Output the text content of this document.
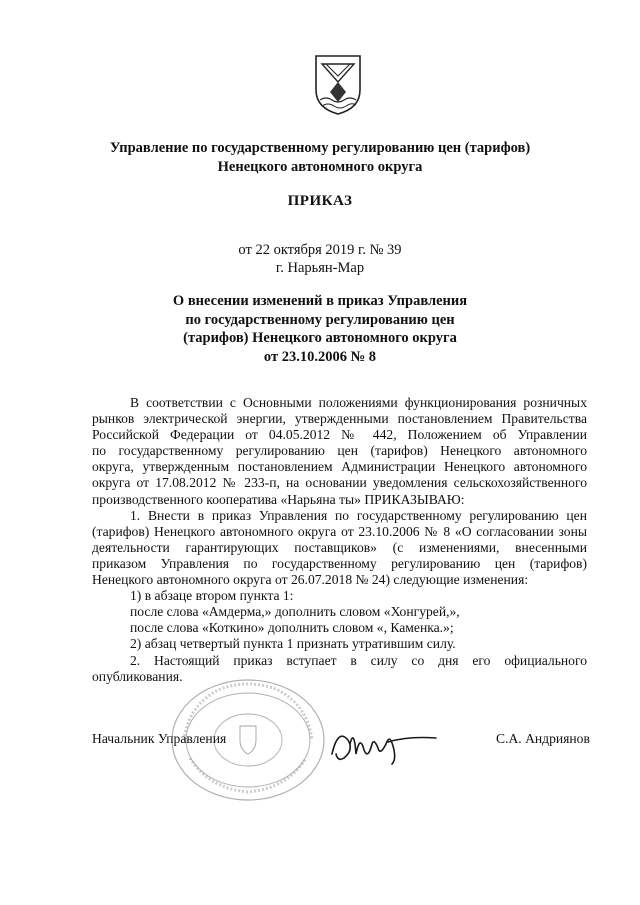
Управление по государственному регулированию цен (тарифов)
Ненецкого автономного округа
ПРИКАЗ
от 22 октября 2019 г. № 39
г. Нарьян-Мар
О внесении изменений в приказ Управления
по государственному регулированию цен
(тарифов) Ненецкого автономного округа
от 23.10.2006 № 8
В соответствии с Основными положениями функционирования розничных
рынков электрической энергии, утвержденными постановлением Правительства
Российской Федерации от 04.05.2012 № 442, Положением об Управлении
по государственному регулированию цен (тарифов) Ненецкого автономного
округа, утвержденным постановлением Администрации Ненецкого автономного
округа от 17.08.2012 № 233-п, на основании уведомления сельскохозяйственного
производственного кооператива «Нарьяна ты» ПРИКАЗЫВАЮ:
1. Внести в приказ Управления по государственному регулированию цен
(тарифов) Ненецкого автономного округа от 23.10.2006 № 8 «О согласовании зоны
деятельности гарантирующих поставщиков» (с изменениями, внесенными
приказом Управления по государственному регулированию цен (тарифов)
Ненецкого автономного округа от 26.07.2018 № 24) следующие изменения:
1) в абзаце втором пункта 1:
после слова «Амдерма,» дополнить словом «Хонгурей,»,
после слова «Коткино» дополнить словом «, Каменка.»;
2) абзац четвертый пункта 1 признать утратившим силу.
2. Настоящий приказ вступает в силу со дня его официального
опубликования.
Начальник Управления	С.А. Андриянов
